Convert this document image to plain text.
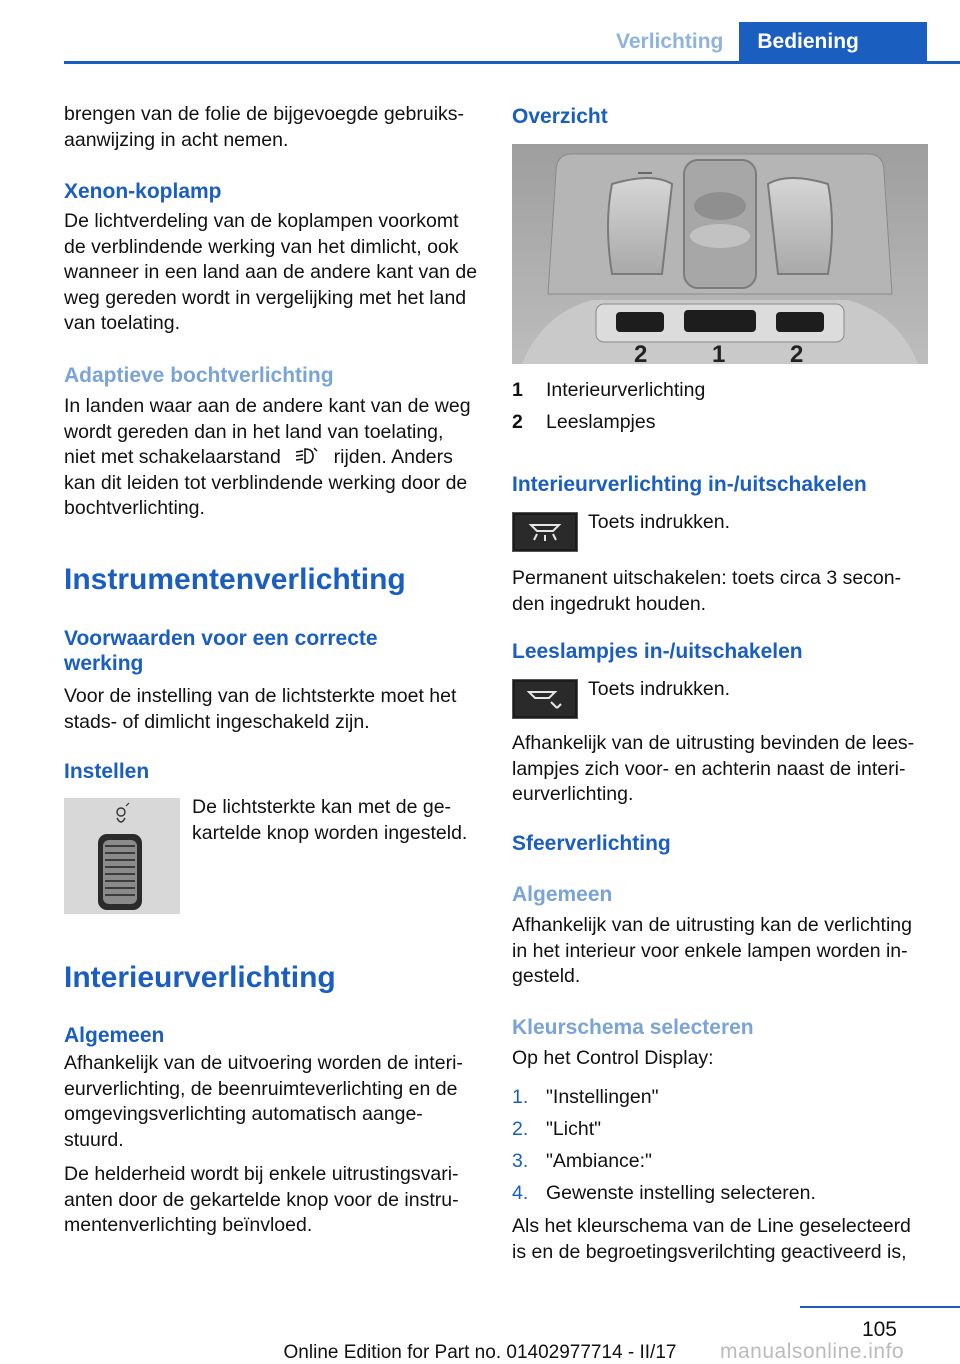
Verlichting	Bediening

brengen van de folie de bijgevoegde gebruiks-aanwijzing in acht nemen.

Xenon-koplamp

De lichtverdeling van de koplampen voorkomt de verblindende werking van het dimlicht, ook wanneer in een land aan de andere kant van de weg gereden wordt in vergelijking met het land van toelating.

Adaptieve bochtverlichting

In landen waar aan de andere kant van de weg wordt gereden dan in het land van toelating, niet met schakelaarstand	rijden. Anders kan dit leiden tot verblindende werking door de bochtverlichting.

Instrumentenverlichting

Voorwaarden voor een correcte werking

Voor de instelling van de lichtsterkte moet het stads- of dimlicht ingeschakeld zijn.

Instellen

De lichtsterkte kan met de ge-kartelde knop worden ingesteld.

Interieurverlichting

Algemeen

Afhankelijk van de uitvoering worden de interi-eurverlichting, de beenruimteverlichting en de omgevingsverlichting automatisch aange-stuurd.

De helderheid wordt bij enkele uitrustingsvari-anten door de gekartelde knop voor de instru-mentenverlichting beïnvloed.

Overzicht

2	1	2
1 Interieurverlichting
2 Leeslampjes

Interieurverlichting in-/uitschakelen

Toets indrukken.

Permanent uitschakelen: toets circa 3 secon-den ingedrukt houden.

Leeslampjes in-/uitschakelen

Toets indrukken.

Afhankelijk van de uitrusting bevinden de lees-lampjes zich voor- en achterin naast de interi-eurverlichting.

Sfeerverlichting

Algemeen

Afhankelijk van de uitrusting kan de verlichting in het interieur voor enkele lampen worden in-gesteld.

Kleurschema selecteren

Op het Control Display:

1. "Instellingen"
2. "Licht"
3. "Ambiance:"
4. Gewenste instelling selecteren.

Als het kleurschema van de Line geselecteerd is en de begroetingsverilchting geactiveerd is,

105
manualsonline.info
Online Edition for Part no. 01402977714 - II/17
